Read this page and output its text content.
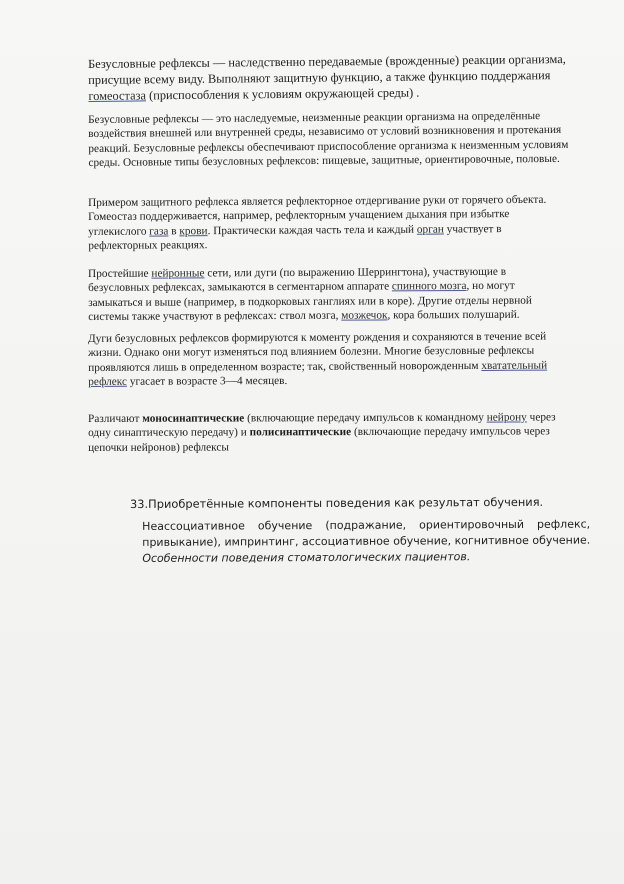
Безусловные рефлексы — наследственно передаваемые (врожденные) реакции организма, присущие всему виду. Выполняют защитную функцию, а также функцию поддержания гомеостаза (приспособления к условиям окружающей среды) .

Безусловные рефлексы — это наследуемые, неизменные реакции организма на определённые воздействия внешней или внутренней среды, независимо от условий возникновения и протекания реакций. Безусловные рефлексы обеспечивают приспособление организма к неизменным условиям среды. Основные типы безусловных рефлексов: пищевые, защитные, ориентировочные, половые.

Примером защитного рефлекса является рефлекторное отдергивание руки от горячего объекта. Гомеостаз поддерживается, например, рефлекторным учащением дыхания при избытке углекислого газа в крови. Практически каждая часть тела и каждый орган участвует в рефлекторных реакциях.

Простейшие нейронные сети, или дуги (по выражению Шеррингтона), участвующие в безусловных рефлексах, замыкаются в сегментарном аппарате спинного мозга, но могут замыкаться и выше (например, в подкорковых ганглиях или в коре). Другие отделы нервной системы также участвуют в рефлексах: ствол мозга, мозжечок, кора больших полушарий.

Дуги безусловных рефлексов формируются к моменту рождения и сохраняются в течение всей жизни. Однако они могут изменяться под влиянием болезни. Многие безусловные рефлексы проявляются лишь в определенном возрасте; так, свойственный новорожденным хватательный рефлекс угасает в возрасте 3—4 месяцев.

Различают моносинаптические (включающие передачу импульсов к командному нейрону через одну синаптическую передачу) и полисинаптические (включающие передачу импульсов через цепочки нейронов) рефлексы

33.Приобретённые компоненты поведения как результат обучения.

Неассоциативное обучение (подражание, ориентировочный рефлекс, привыкание), импринтинг, ассоциативное обучение, когнитивное обучение. Особенности поведения стоматологических пациентов.
